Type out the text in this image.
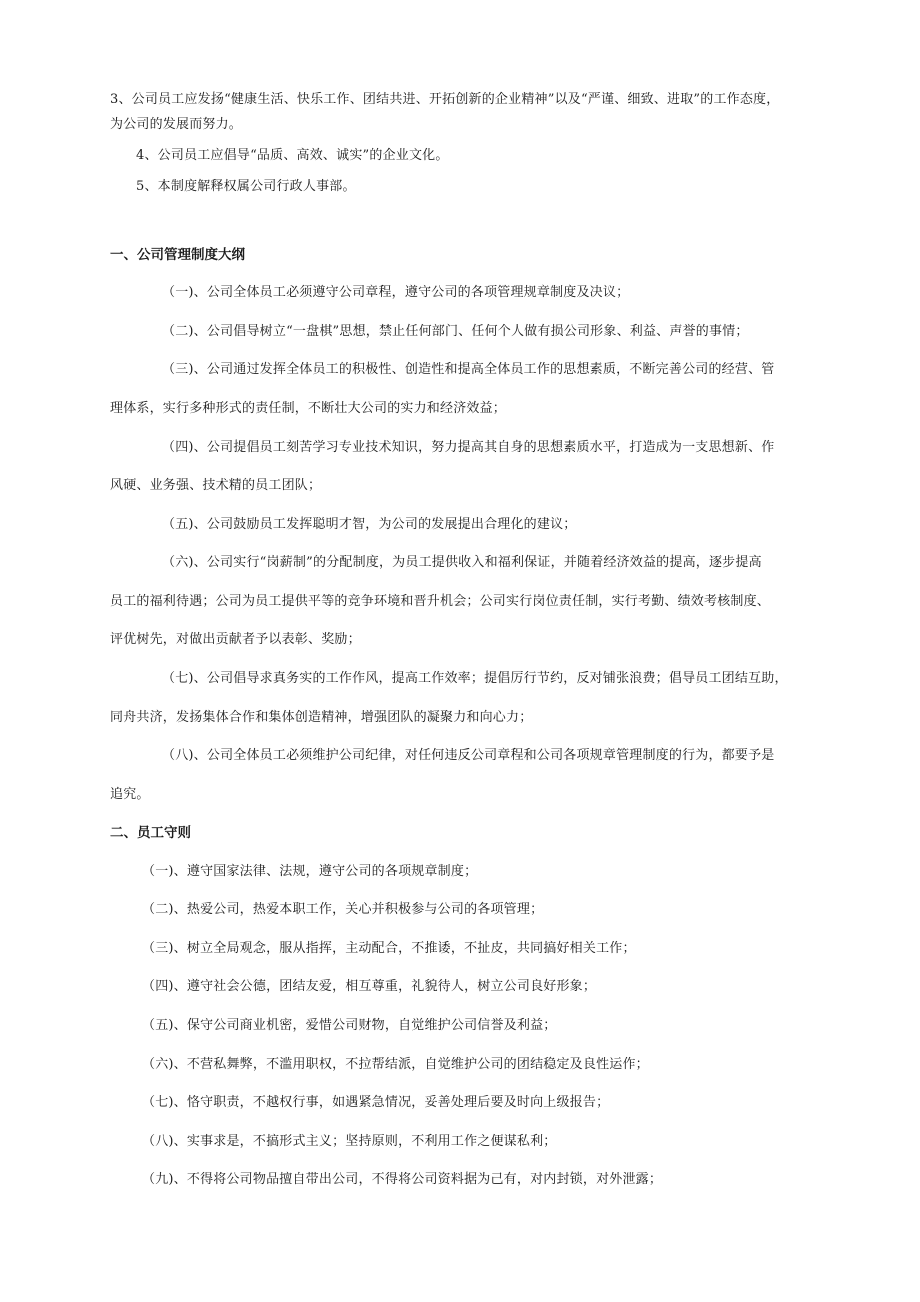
3、公司员工应发扬“健康生活、快乐工作、团结共进、开拓创新的企业精神”以及“严谨、细致、进取”的工作态度，
为公司的发展而努力。
4、公司员工应倡导“品质、高效、诚实”的企业文化。
5、本制度解释权属公司行政人事部。
一、公司管理制度大纲
（一)、公司全体员工必须遵守公司章程，遵守公司的各项管理规章制度及决议；
（二)、公司倡导树立“一盘棋”思想，禁止任何部门、任何个人做有损公司形象、利益、声誉的事情；
（三)、公司通过发挥全体员工的积极性、创造性和提高全体员工作的思想素质，不断完善公司的经营、管
理体系，实行多种形式的责任制，不断壮大公司的实力和经济效益；
（四)、公司提倡员工刻苦学习专业技术知识，努力提高其自身的思想素质水平，打造成为一支思想新、作
风硬、业务强、技术精的员工团队；
（五)、公司鼓励员工发挥聪明才智，为公司的发展提出合理化的建议；
（六)、公司实行“岗薪制”的分配制度，为员工提供收入和福利保证，并随着经济效益的提高，逐步提高
员工的福利待遇；公司为员工提供平等的竞争环境和晋升机会；公司实行岗位责任制，实行考勤、绩效考核制度、
评优树先，对做出贡献者予以表彰、奖励；
（七)、公司倡导求真务实的工作作风，提高工作效率；提倡厉行节约，反对铺张浪费；倡导员工团结互助，
同舟共济，发扬集体合作和集体创造精神，增强团队的凝聚力和向心力；
（八)、公司全体员工必须维护公司纪律，对任何违反公司章程和公司各项规章管理制度的行为，都要予是
追究。
二、员工守则
（一)、遵守国家法律、法规，遵守公司的各项规章制度；
（二)、热爱公司，热爱本职工作，关心并积极参与公司的各项管理；
（三)、树立全局观念，服从指挥，主动配合，不推诿，不扯皮，共同搞好相关工作；
（四)、遵守社会公德，团结友爱，相互尊重，礼貌待人，树立公司良好形象；
（五)、保守公司商业机密，爱惜公司财物，自觉维护公司信誉及利益；
（六)、不营私舞弊，不滥用职权，不拉帮结派，自觉维护公司的团结稳定及良性运作；
（七)、恪守职责，不越权行事，如遇紧急情况，妥善处理后要及时向上级报告；
（八)、实事求是，不搞形式主义；坚持原则，不利用工作之便谋私利；
（九)、不得将公司物品擅自带出公司，不得将公司资料据为己有，对内封锁，对外泄露；
